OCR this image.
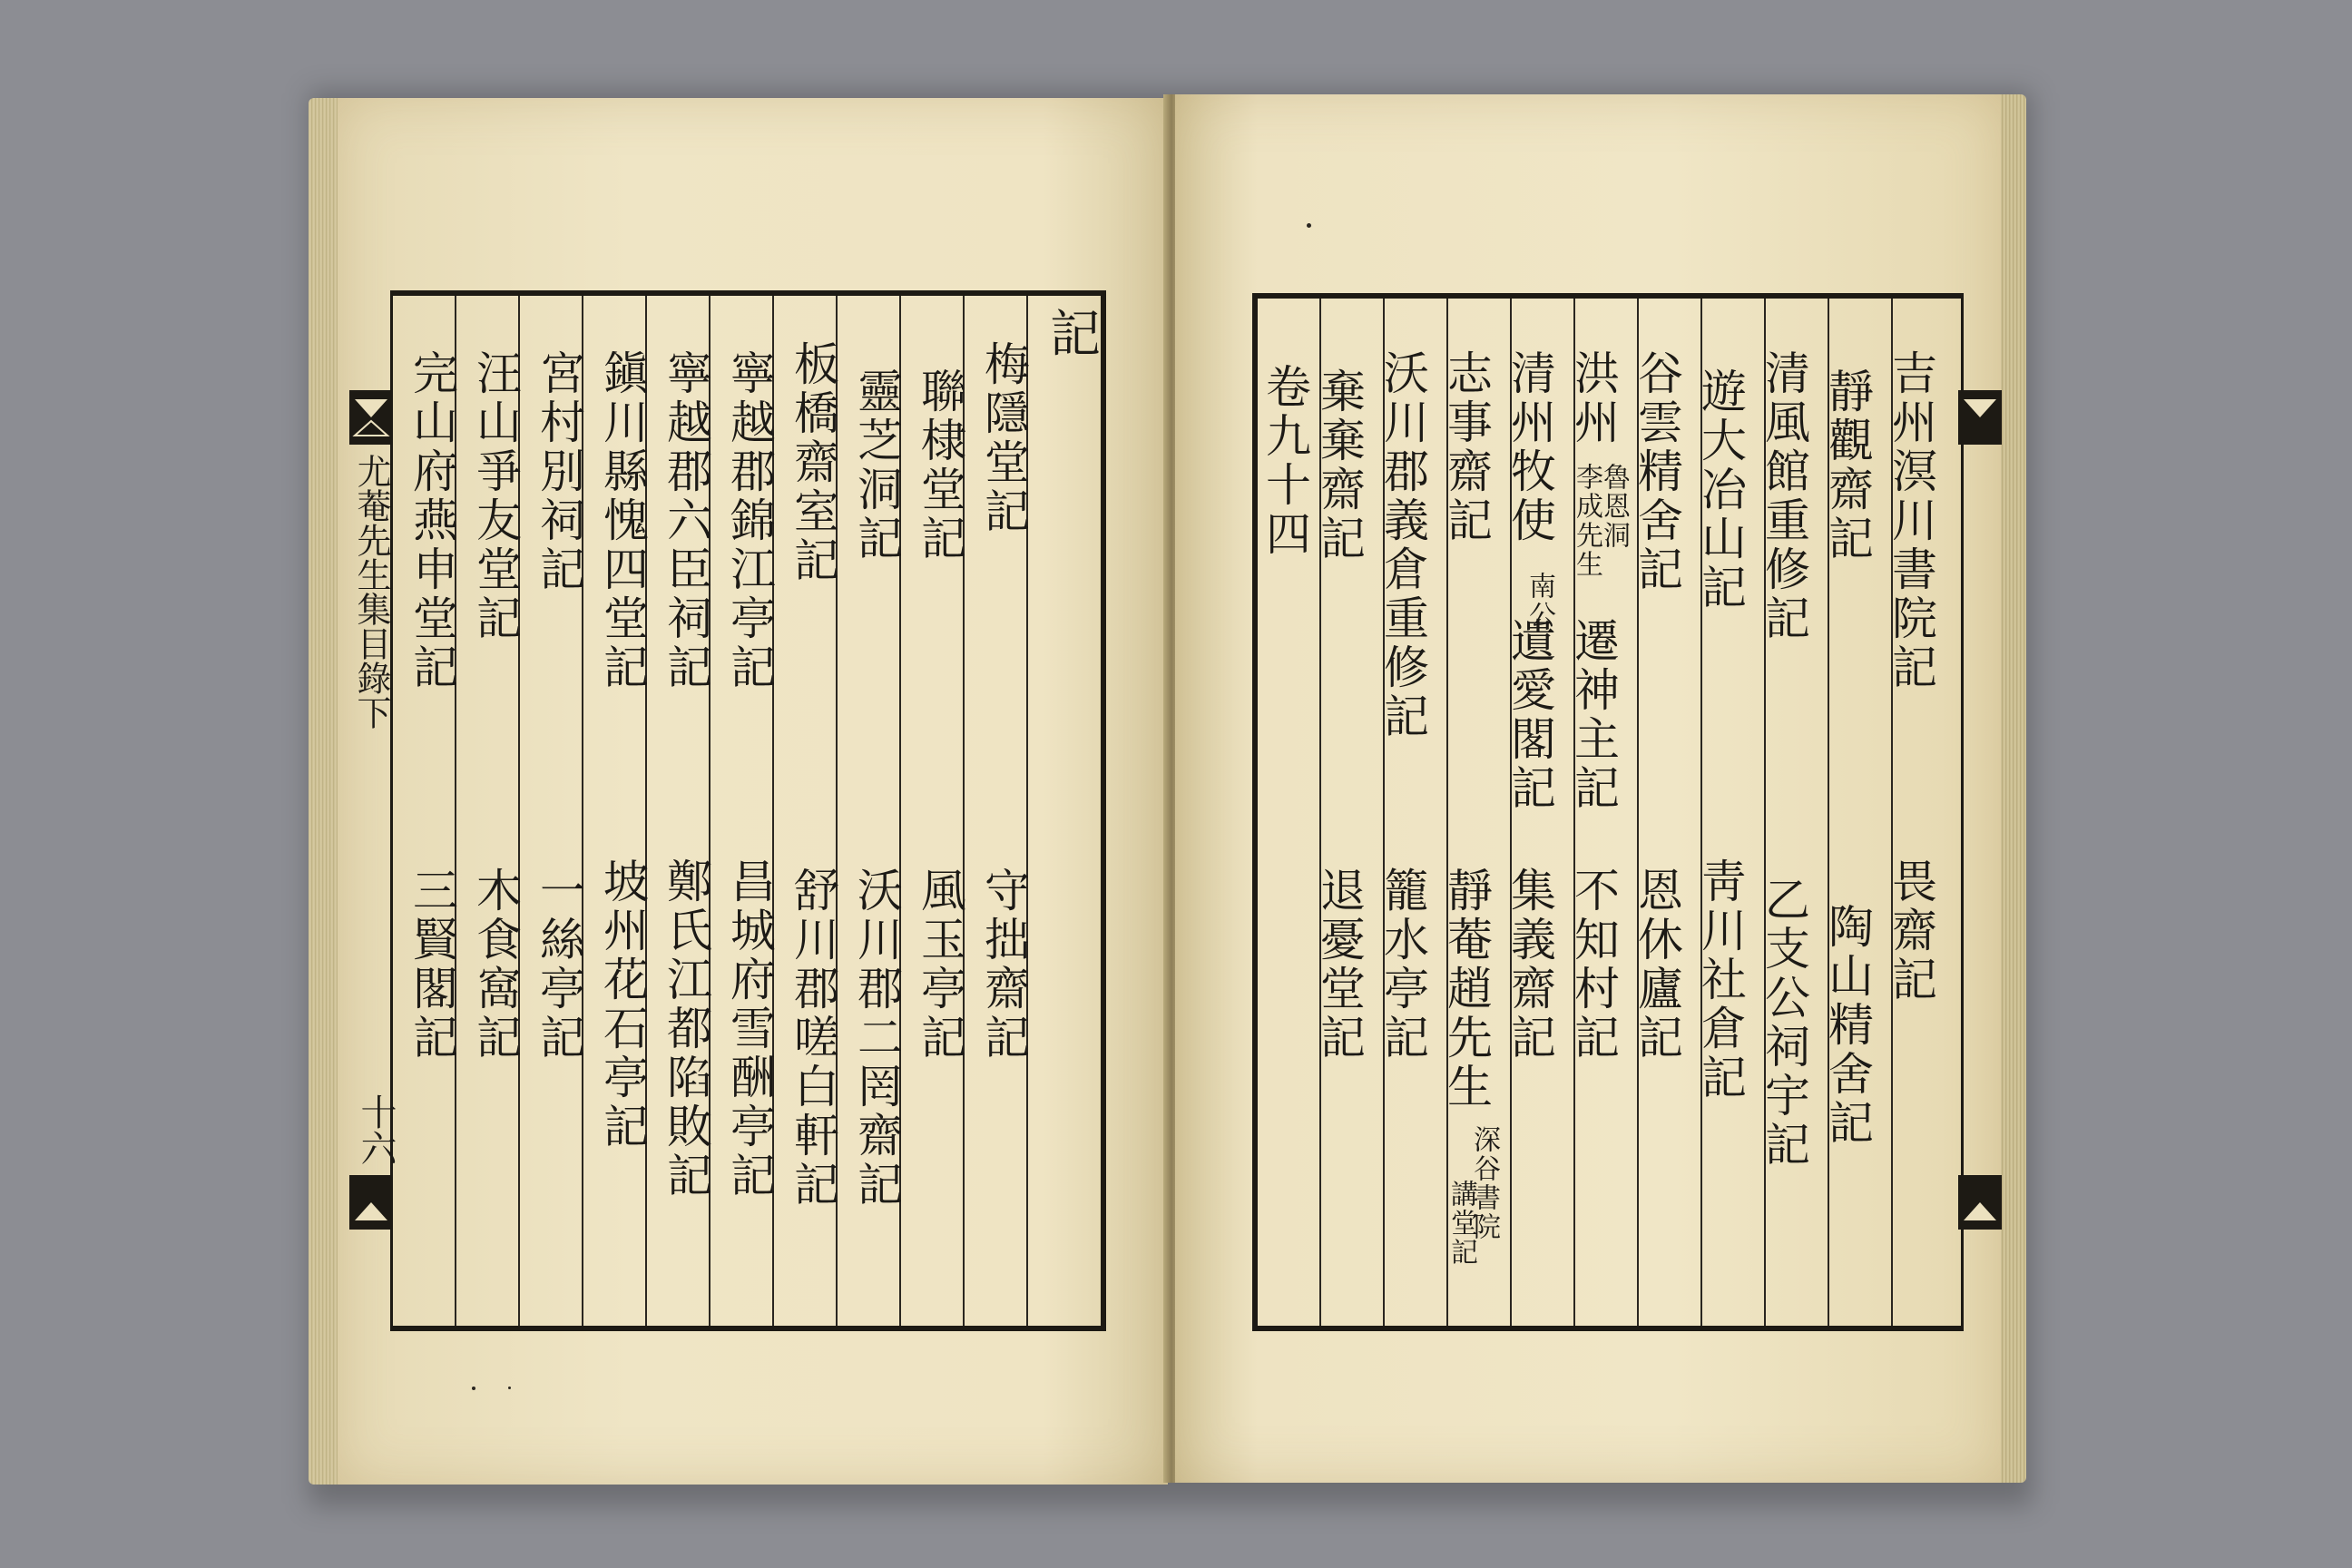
記
梅隱堂記
守拙齋記
聯棣堂記
風玉亭記
靈芝洞記
沃川郡二罔齋記
板橋齋室記
舒川郡嗟白軒記
寧越郡錦江亭記
昌城府雪酬亭記
寧越郡六臣祠記
鄭氏江都陷敗記
鎭川縣愧四堂記
坡州花石亭記
宮村別祠記
一絲亭記
汪山爭友堂記
木食窩記
完山府燕申堂記
三賢閣記
尤菴先生集目錄下
十六
吉州溟川書院記
畏齋記
靜觀齋記
陶山精舍記
清風館重修記
乙支公祠宇記
遊大冶山記
靑川社倉記
谷雲精舍記
恩休廬記
洪州
魯恩洞
李成先生
遷神主記
不知村記
清州牧使
南公
遺愛閣記
集義齋記
志事齋記
靜菴趙先生
深谷書院
講堂記
沃川郡義倉重修記
籠水亭記
棄棄齋記
退憂堂記
卷九十四
